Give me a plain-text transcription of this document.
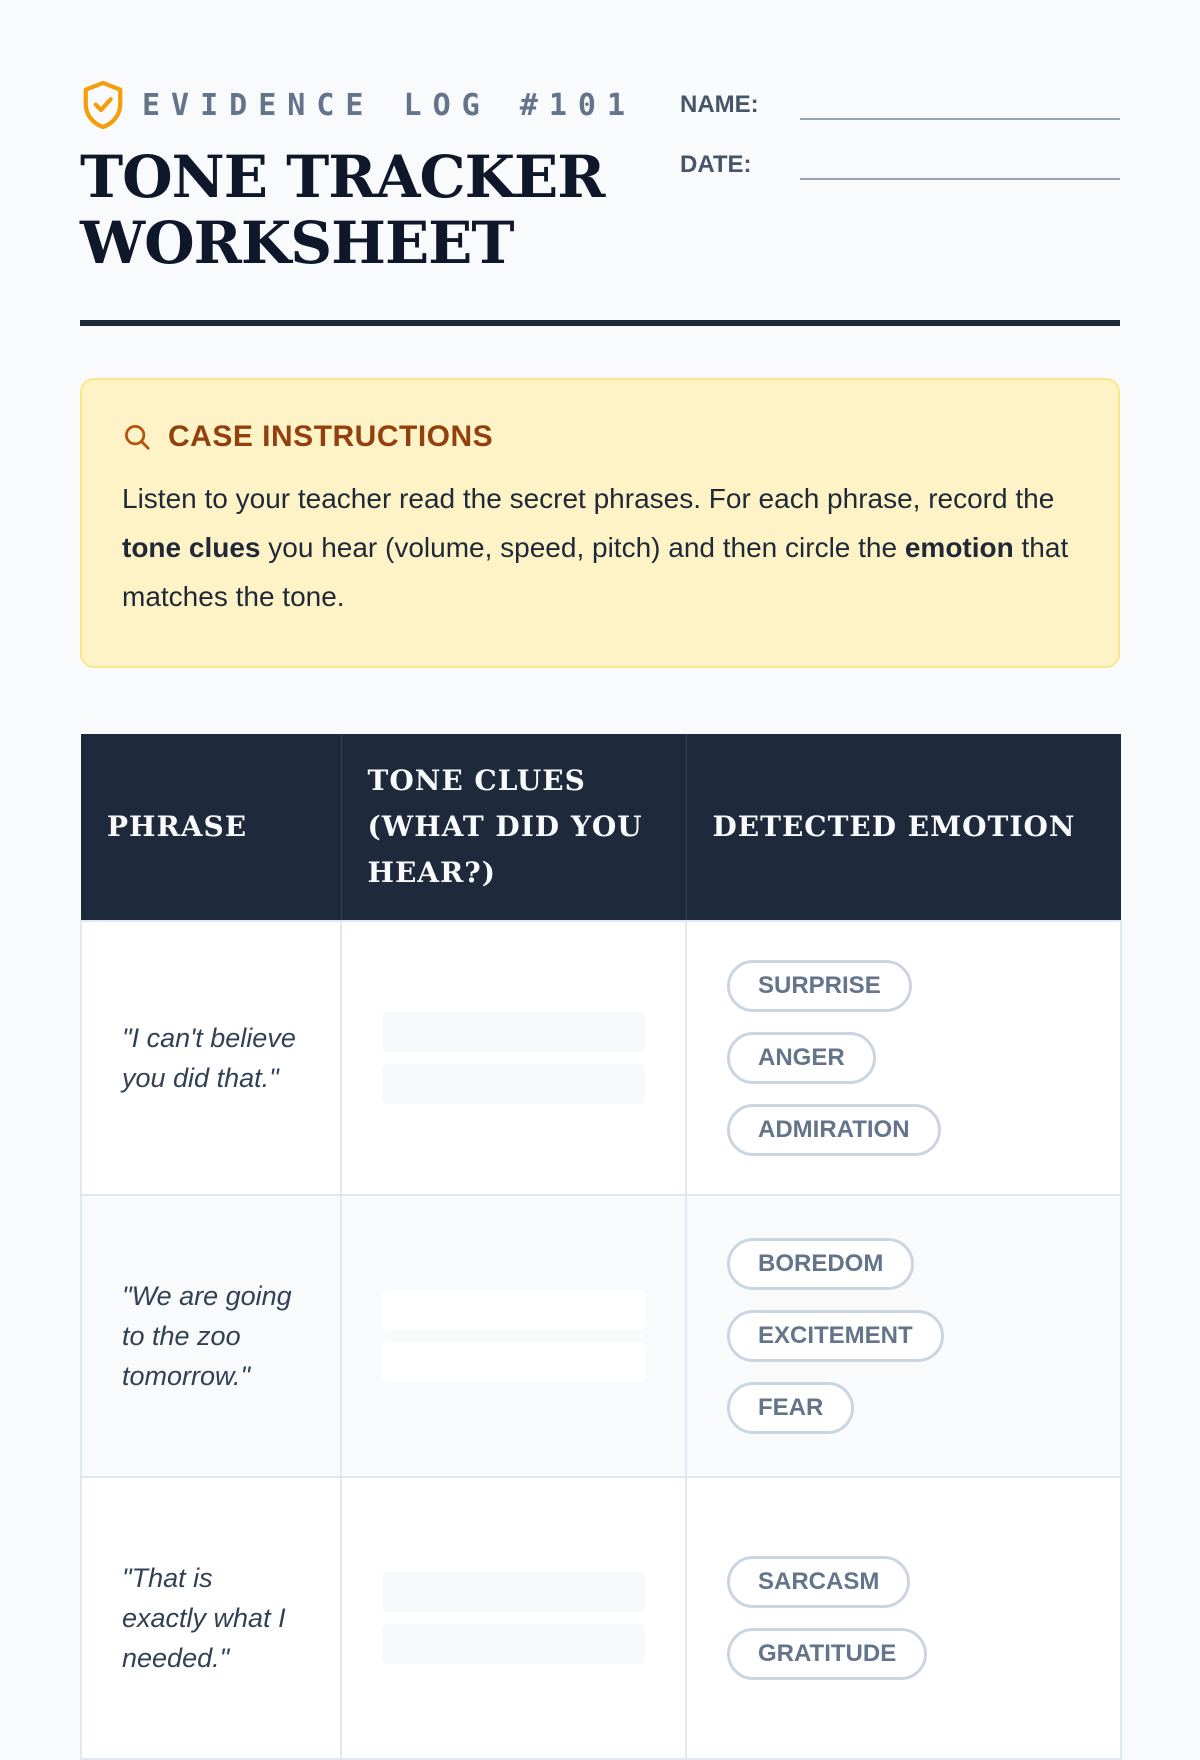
EVIDENCE LOG #101
TONE TRACKER
WORKSHEET
NAME:
DATE:
CASE INSTRUCTIONS
Listen to your teacher read the secret phrases. For each phrase, record the tone clues you hear (volume, speed, pitch) and then circle the emotion that matches the tone.
PHRASE	TONE CLUES (WHAT DID YOU HEAR?)	DETECTED EMOTION

"I can't believe you did that."		SURPRISE
ANGER
ADMIRATION

"We are going to the zoo tomorrow."		BOREDOM
EXCITEMENT
FEAR

"That is exactly what I needed."		SARCASM
GRATITUDE
